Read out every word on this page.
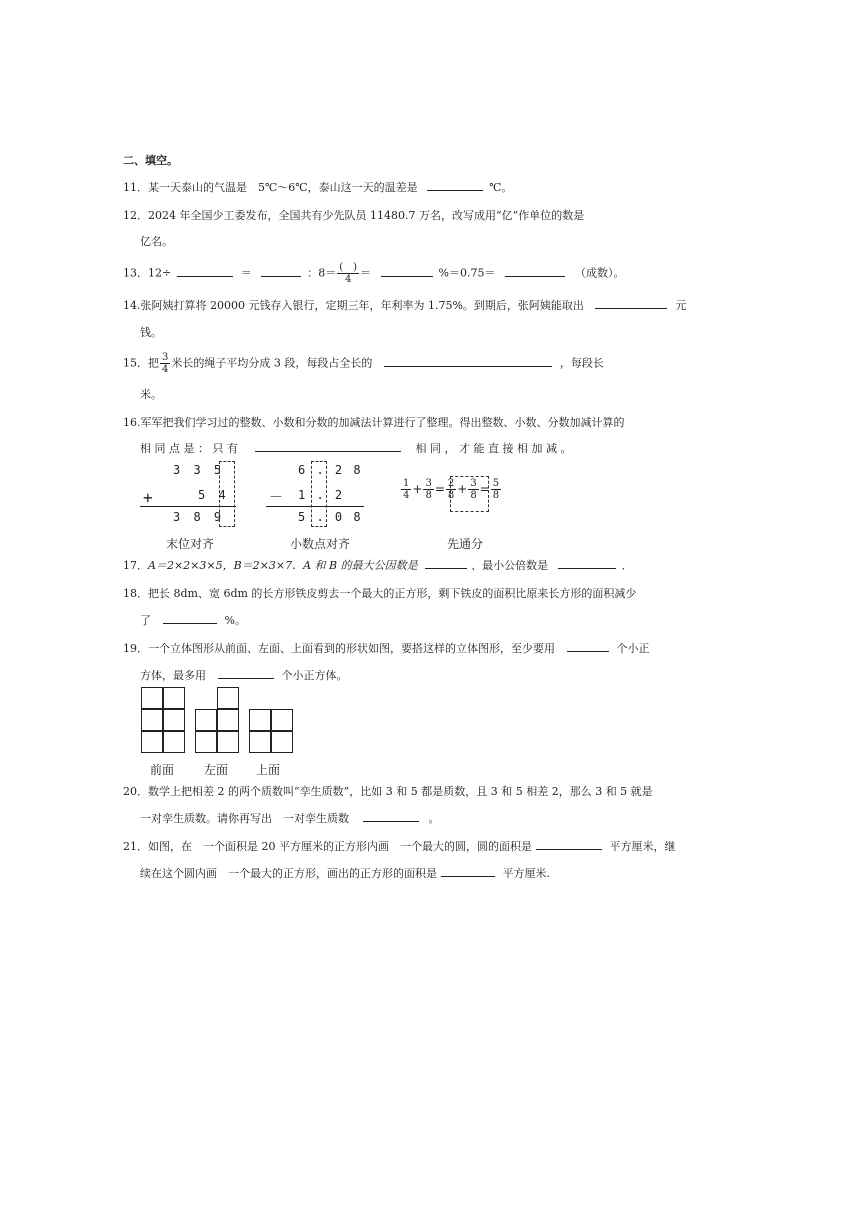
二、填空。
11．某一天泰山的气温是　5℃～6℃，泰山这一天的温差是	℃。
12．2024 年全国少工委发布，全国共有少先队员 11480.7 万名，改写成用“亿”作单位的数是
亿名。
13．12÷	＝	：$8= \frac{( )}{4}$ ＝	%＝0.75＝	（成数）。
14.张阿姨打算将 20000 元钱存入银行，定期三年，年利率为 1.75%。到期后，张阿姨能取出	元
钱。
15．把 $\frac{3}{4}$ 米长的绳子平均分成 3 段，每段占全长的	，每段长
米。
16.军军把我们学习过的整数、小数和分数的加减法计算进行了整理。得出整数、小数、分数加减计算的
相 同 点 是 ： 只 有	相 同 ， 才 能 直 接 相 加 减 。
3 3 5
+	5 4
3 8 9
6 . 2 8
－ 1 . 2
5 . 0 8
$\frac{1}{4} + \frac{3}{8} = \frac{2}{8} + \frac{3}{8} = \frac{5}{8}$
末位对齐	小数点对齐	先通分
17．A＝2×2×3×5，B＝2×3×7．A 和 B 的最大公因数是	、最小公倍数是	．
18．把长 8dm、宽 6dm 的长方形铁皮剪去一个最大的正方形，剩下铁皮的面积比原来长方形的面积减少
了	%。
19．一个立体图形从前面、左面、上面看到的形状如图，要搭这样的立体图形，至少要用	个小正
方体，最多用	个小正方体。
前面 左面 上面
20．数学上把相差 2 的两个质数叫“孪生质数”，比如 3 和 5 都是质数，且 3 和 5 相差 2，那么 3 和 5 就是
一对孪生质数。请你再写出　一对孪生质数	。
21．如图，在　一个面积是 20 平方厘米的正方形内画　一个最大的圆，圆的面积是	平方厘米，继
续在这个圆内画　一个最大的正方形，画出的正方形的面积是	平方厘米.
